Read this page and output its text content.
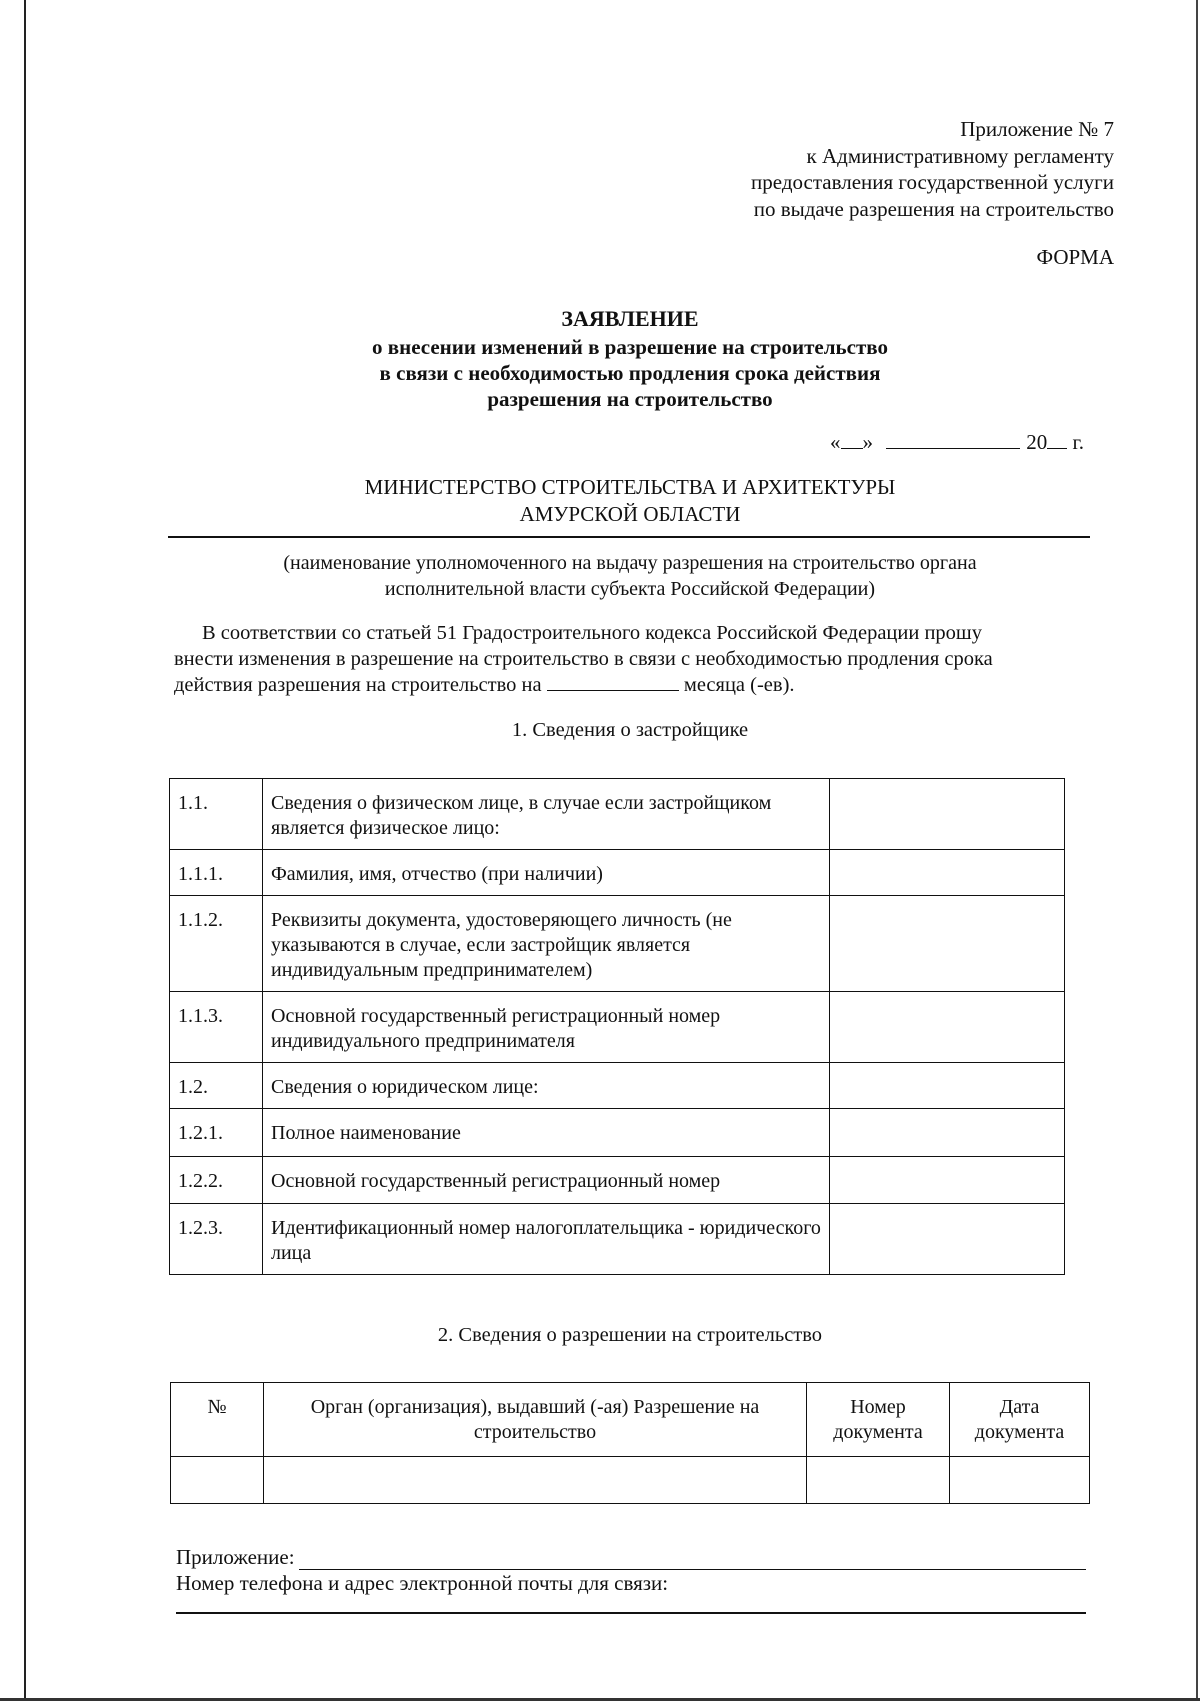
Приложение № 7
к Административному регламенту
предоставления государственной услуги
по выдаче разрешения на строительство
ФОРМА
ЗАЯВЛЕНИЕ
о внесении изменений в разрешение на строительство
в связи с необходимостью продления срока действия
разрешения на строительство
« »	20 г.
МИНИСТЕРСТВО СТРОИТЕЛЬСТВА И АРХИТЕКТУРЫ
АМУРСКОЙ ОБЛАСТИ
(наименование уполномоченного на выдачу разрешения на строительство органа
исполнительной власти субъекта Российской Федерации)
В соответствии со статьей 51 Градостроительного кодекса Российской Федерации прошу
внести изменения в разрешение на строительство в связи с необходимостью продления срока
действия разрешения на строительство на	месяца (-ев).
1. Сведения о застройщике
1.1.	Сведения о физическом лице, в случае если застройщиком является физическое лицо:	
1.1.1.	Фамилия, имя, отчество (при наличии)	
1.1.2.	Реквизиты документа, удостоверяющего личность (не указываются в случае, если застройщик является индивидуальным предпринимателем)	
1.1.3.	Основной государственный регистрационный номер индивидуального предпринимателя	
1.2.	Сведения о юридическом лице:	
1.2.1.	Полное наименование	
1.2.2.	Основной государственный регистрационный номер	
1.2.3.	Идентификационный номер налогоплательщика - юридического лица	
2. Сведения о разрешении на строительство
№	Орган (организация), выдавший (-ая) Разрешение на строительство	Номер документа	Дата документа

Приложение:
Номер телефона и адрес электронной почты для связи:
